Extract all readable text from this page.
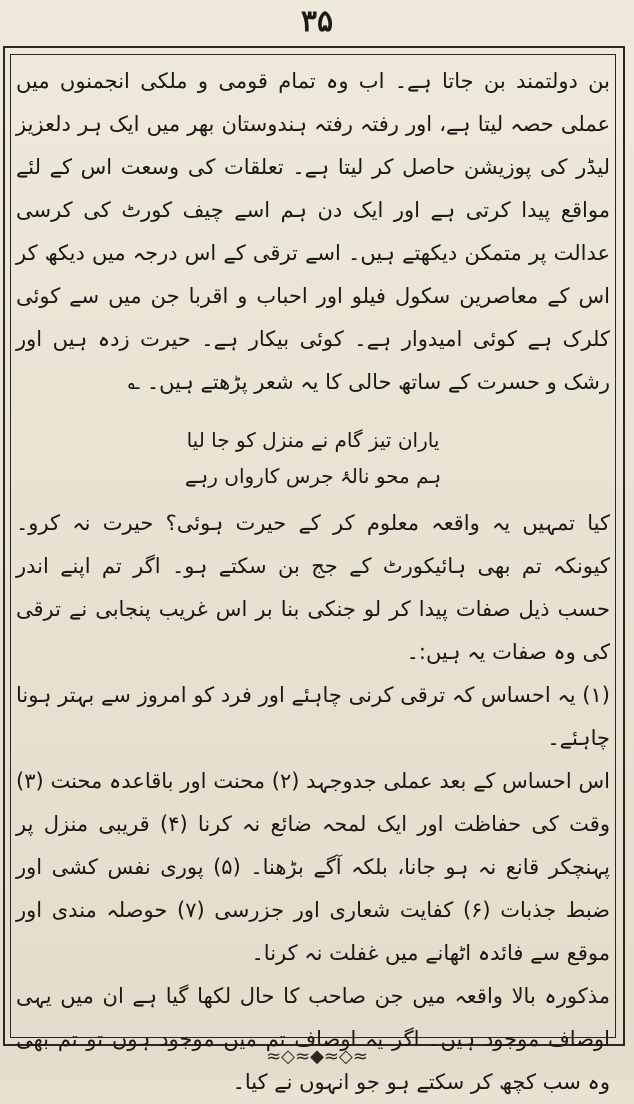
۳۵

بن دولتمند بن جاتا ہے۔ اب وہ تمام قومی و ملکی انجمنوں میں عملی حصہ لیتا ہے، اور رفتہ رفتہ ہندوستان بھر میں ایک ہر دلعزیز لیڈر کی پوزیشن حاصل کر لیتا ہے۔ تعلقات کی وسعت اس کے لئے مواقع پیدا کرتی ہے اور ایک دن ہم اسے چیف کورٹ کی کرسی عدالت پر متمکن دیکھتے ہیں۔ اسے ترقی کے اس درجہ میں دیکھ کر اس کے معاصرین سکول فیلو اور احباب و اقربا جن میں سے کوئی کلرک ہے کوئی امیدوار ہے۔ کوئی بیکار ہے۔ حیرت زدہ ہیں اور رشک و حسرت کے ساتھ حالی کا یہ شعر پڑھتے ہیں۔ ؎

یاران تیز گام نے منزل کو جا لیا
ہم محو نالۂ جرس کارواں رہے

کیا تمہیں یہ واقعہ معلوم کر کے حیرت ہوئی؟ حیرت نہ کرو۔ کیونکہ تم بھی ہائیکورٹ کے جج بن سکتے ہو۔ اگر تم اپنے اندر حسب ذیل صفات پیدا کر لو جنکی بنا بر اس غریب پنجابی نے ترقی کی وہ صفات یہ ہیں:۔

(۱) یہ احساس کہ ترقی کرنی چاہئے اور فرد کو امروز سے بہتر ہونا چاہئے۔

اس احساس کے بعد عملی جدوجہد (۲) محنت اور باقاعدہ محنت (۳) وقت کی حفاظت اور ایک لمحہ ضائع نہ کرنا (۴) قریبی منزل پر پہنچکر قانع نہ ہو جانا، بلکہ آگے بڑھنا۔ (۵) پوری نفس کشی اور ضبط جذبات (۶) کفایت شعاری اور جزرسی (۷) حوصلہ مندی اور موقع سے فائدہ اٹھانے میں غفلت نہ کرنا۔

مذکورہ بالا واقعہ میں جن صاحب کا حال لکھا گیا ہے ان میں یہی اوصاف موجود ہیں۔ اگر یہ اوصاف تم میں موجود ہوں تو تم بھی وہ سب کچھ کر سکتے ہو جو انہوں نے کیا۔

≈◇≈◆≈◇≈
